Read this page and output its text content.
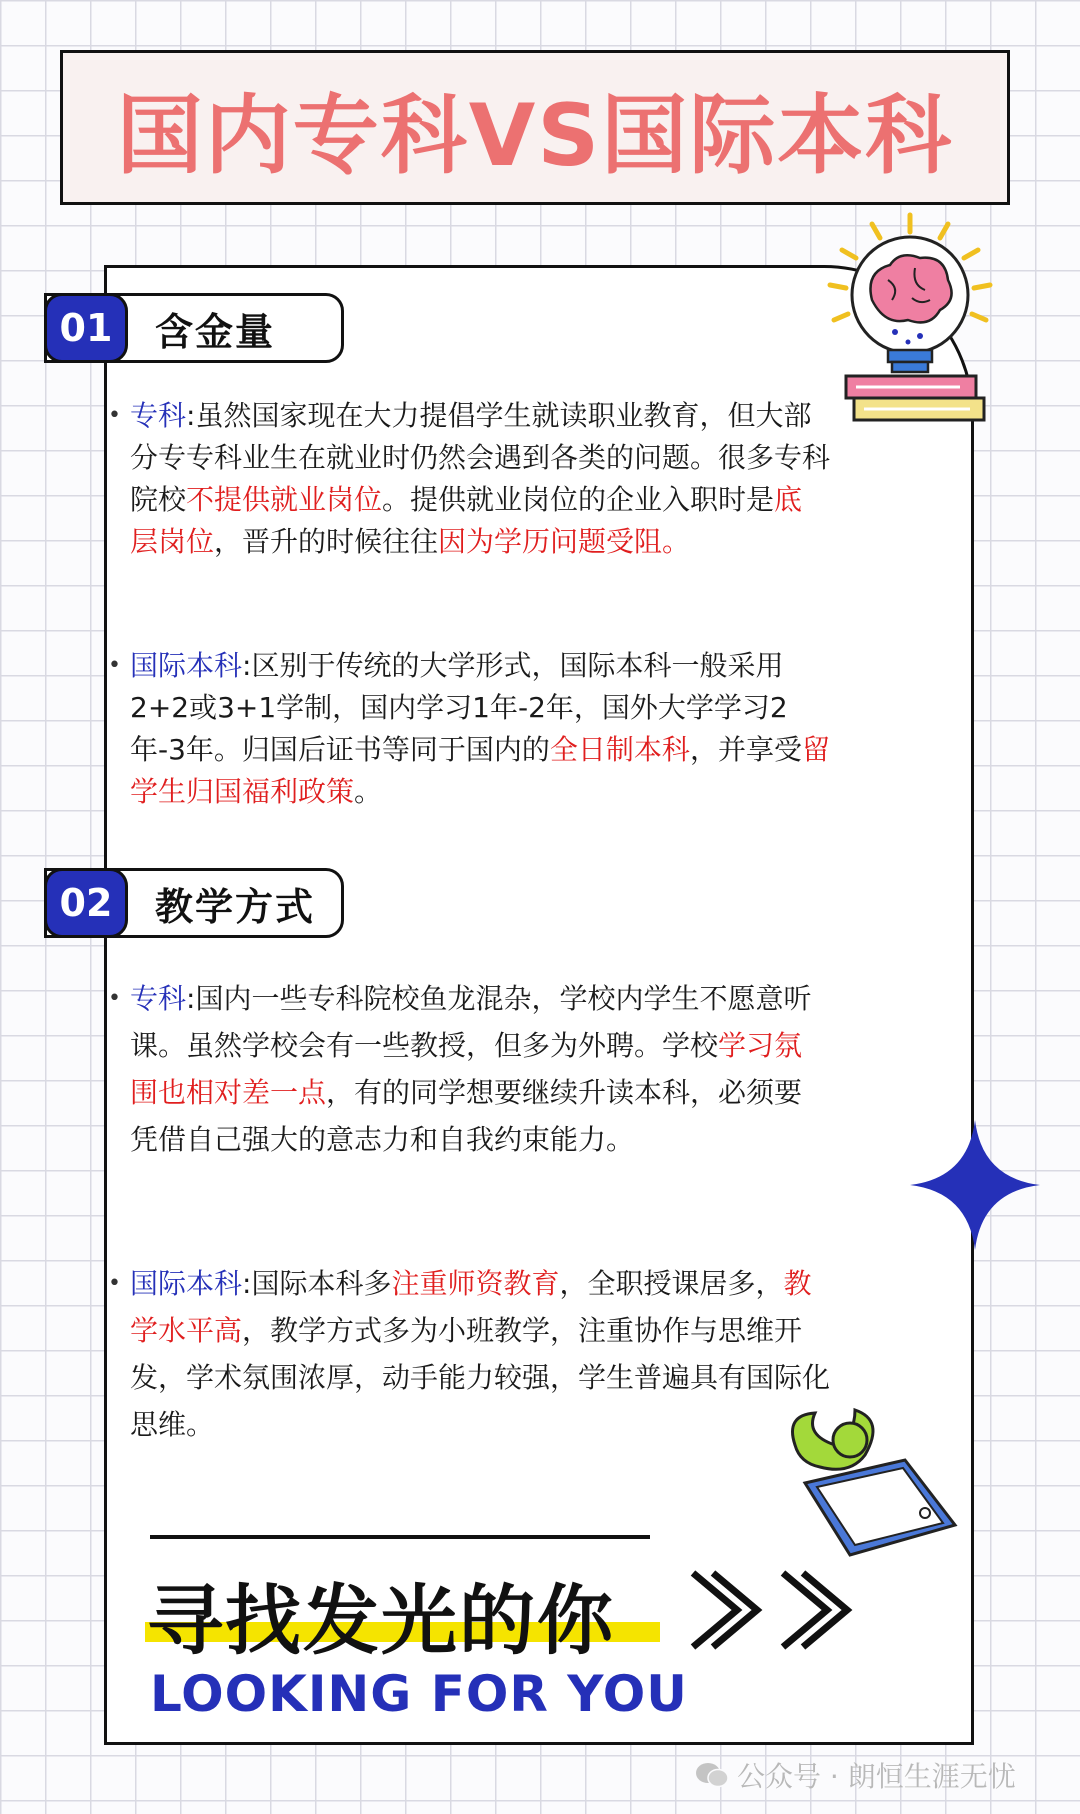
国内专科VS国际本科
01	含金量
• 专科:虽然国家现在大力提倡学生就读职业教育，但大部分专专科业生在就业时仍然会遇到各类的问题。很多专科院校不提供就业岗位。提供就业岗位的企业入职时是底层岗位，晋升的时候往往因为学历问题受阻。
• 国际本科:区别于传统的大学形式，国际本科一般采用2+2或3+1学制，国内学习1年-2年，国外大学学习2年-3年。归国后证书等同于国内的全日制本科，并享受留学生归国福利政策。
02	教学方式
• 专科:国内一些专科院校鱼龙混杂，学校内学生不愿意听课。虽然学校会有一些教授，但多为外聘。学校学习氛围也相对差一点，有的同学想要继续升读本科，必须要凭借自己强大的意志力和自我约束能力。
• 国际本科:国际本科多注重师资教育，全职授课居多，教学水平高，教学方式多为小班教学，注重协作与思维开发，学术氛围浓厚，动手能力较强，学生普遍具有国际化思维。
寻找发光的你
LOOKING FOR YOU
公众号 · 朗恒生涯无忧
